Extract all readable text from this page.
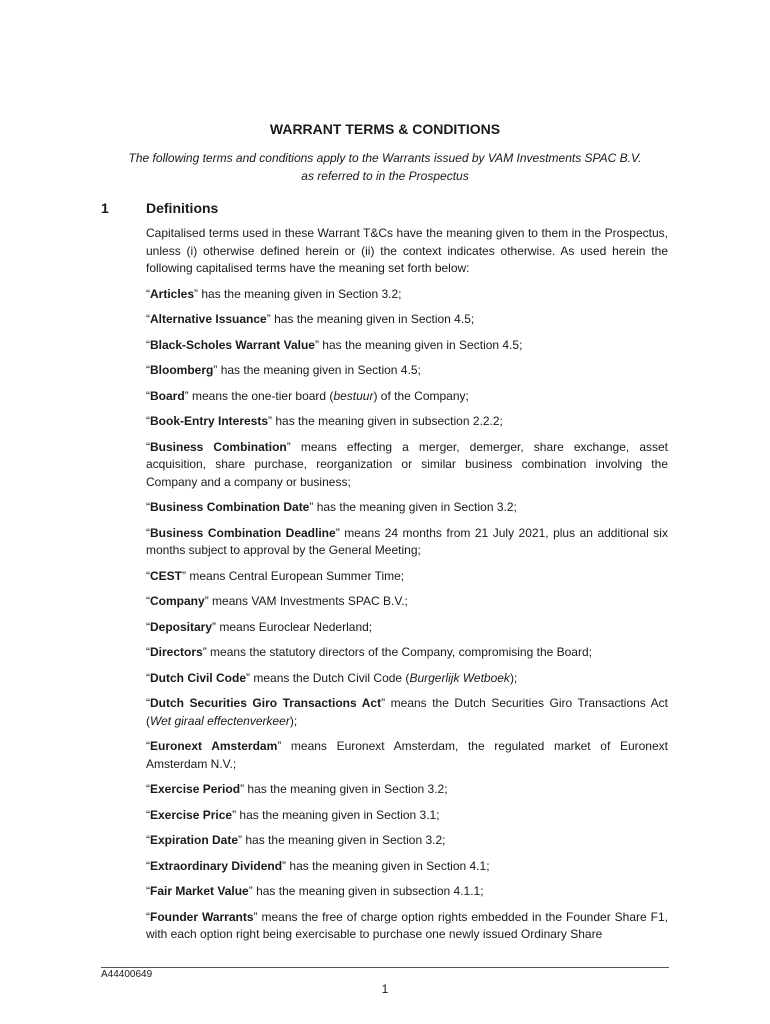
WARRANT TERMS & CONDITIONS
The following terms and conditions apply to the Warrants issued by VAM Investments SPAC B.V.
as referred to in the Prospectus
1	Definitions

Capitalised terms used in these Warrant T&Cs have the meaning given to them in the Prospectus, unless (i) otherwise defined herein or (ii) the context indicates otherwise. As used herein the following capitalised terms have the meaning set forth below:

“Articles” has the meaning given in Section 3.2;

“Alternative Issuance” has the meaning given in Section 4.5;

“Black-Scholes Warrant Value” has the meaning given in Section 4.5;

“Bloomberg” has the meaning given in Section 4.5;

“Board” means the one-tier board (bestuur) of the Company;

“Book-Entry Interests” has the meaning given in subsection 2.2.2;

“Business Combination” means effecting a merger, demerger, share exchange, asset acquisition, share purchase, reorganization or similar business combination involving the Company and a company or business;

“Business Combination Date” has the meaning given in Section 3.2;

“Business Combination Deadline” means 24 months from 21 July 2021, plus an additional six months subject to approval by the General Meeting;

“CEST” means Central European Summer Time;

“Company” means VAM Investments SPAC B.V.;

“Depositary” means Euroclear Nederland;

“Directors” means the statutory directors of the Company, compromising the Board;

“Dutch Civil Code” means the Dutch Civil Code (Burgerlijk Wetboek);

“Dutch Securities Giro Transactions Act” means the Dutch Securities Giro Transactions Act (Wet giraal effectenverkeer);

“Euronext Amsterdam” means Euronext Amsterdam, the regulated market of Euronext Amsterdam N.V.;

“Exercise Period” has the meaning given in Section 3.2;

“Exercise Price” has the meaning given in Section 3.1;

“Expiration Date” has the meaning given in Section 3.2;

“Extraordinary Dividend” has the meaning given in Section 4.1;

“Fair Market Value” has the meaning given in subsection 4.1.1;

“Founder Warrants” means the free of charge option rights embedded in the Founder Share F1, with each option right being exercisable to purchase one newly issued Ordinary Share

A44400649
1
